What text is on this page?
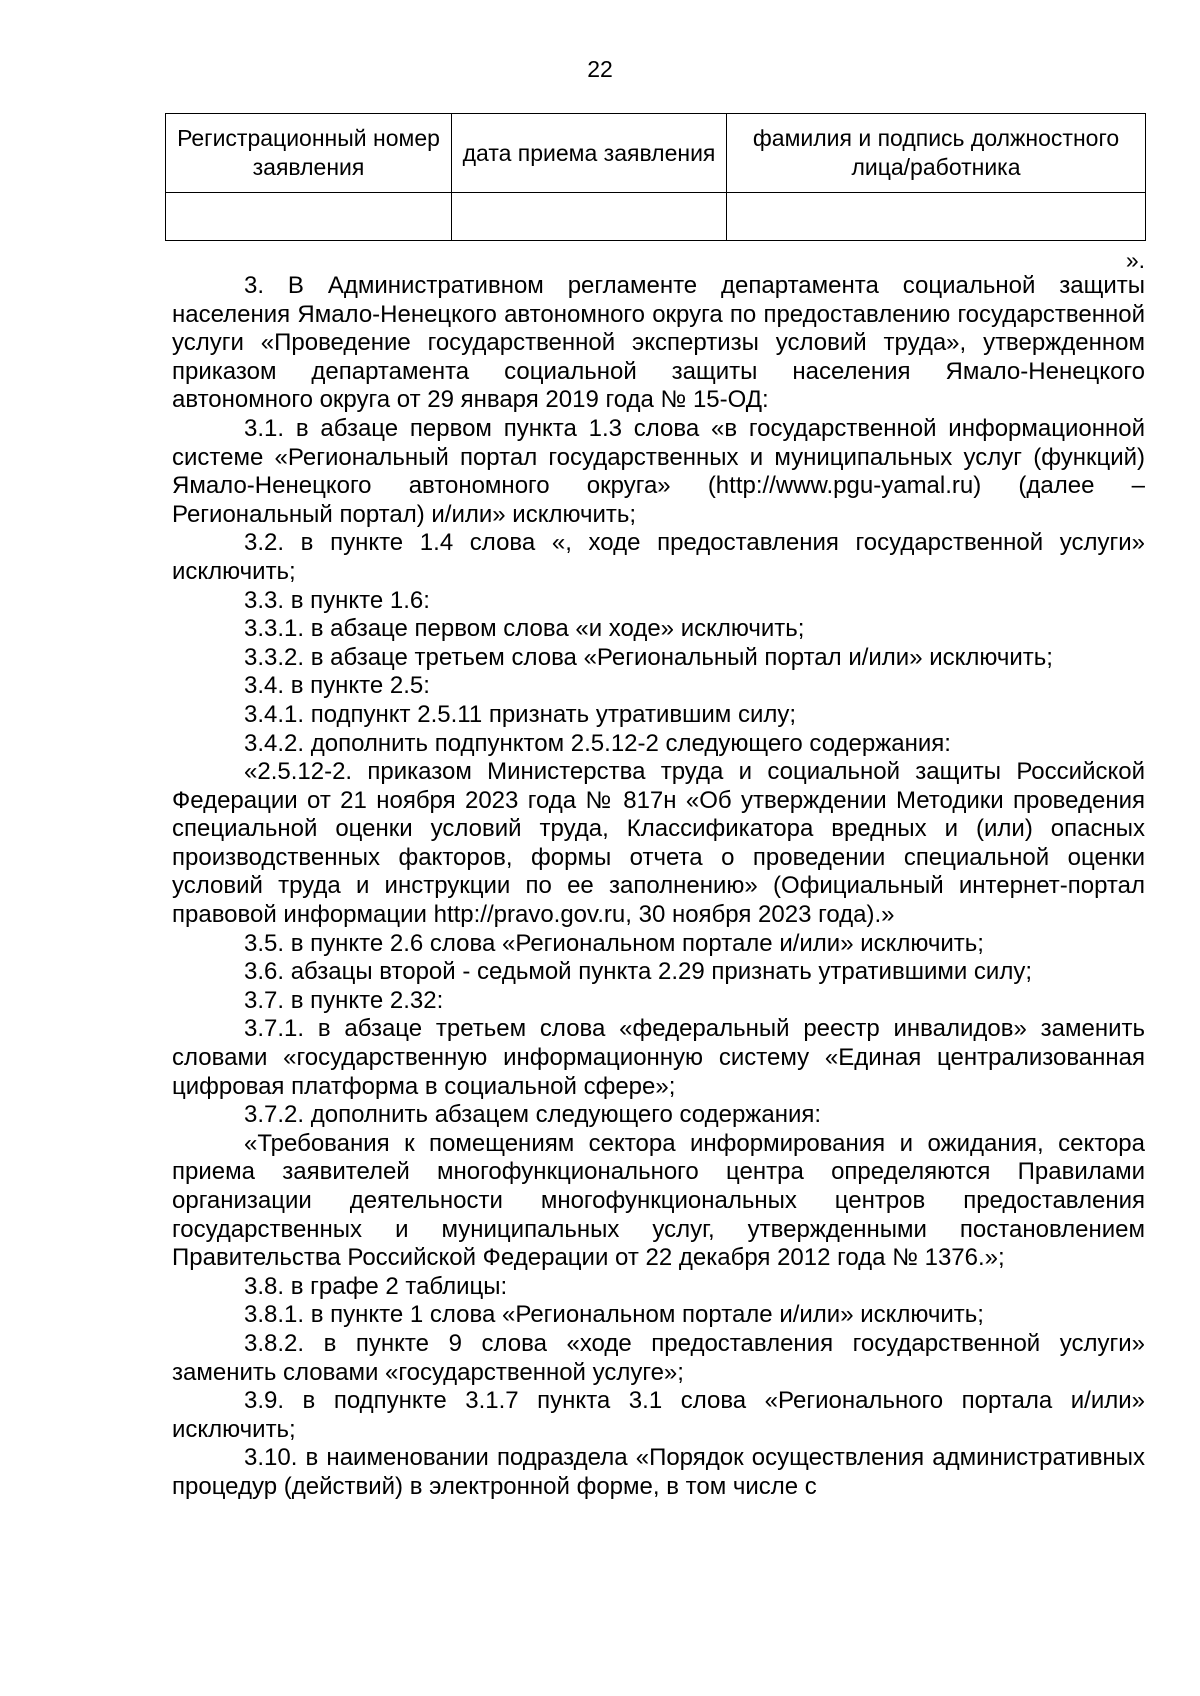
22
Регистрационный номер заявления	дата приема заявления	фамилия и подпись должностного лица/работника

».

3. В Административном регламенте департамента социальной защиты населения Ямало-Ненецкого автономного округа по предоставлению государственной услуги «Проведение государственной экспертизы условий труда», утвержденном приказом департамента социальной защиты населения Ямало-Ненецкого автономного округа от 29 января 2019 года № 15-ОД:

3.1. в абзаце первом пункта 1.3 слова «в государственной информационной системе «Региональный портал государственных и муниципальных услуг (функций) Ямало-Ненецкого автономного округа» (http://www.pgu-yamal.ru) (далее – Региональный портал) и/или» исключить;

3.2. в пункте 1.4 слова «, ходе предоставления государственной услуги» исключить;

3.3. в пункте 1.6:

3.3.1. в абзаце первом слова «и ходе» исключить;

3.3.2. в абзаце третьем слова «Региональный портал и/или» исключить;

3.4. в пункте 2.5:

3.4.1. подпункт 2.5.11 признать утратившим силу;

3.4.2. дополнить подпунктом 2.5.12-2 следующего содержания:

«2.5.12-2. приказом Министерства труда и социальной защиты Российской Федерации от 21 ноября 2023 года № 817н «Об утверждении Методики проведения специальной оценки условий труда, Классификатора вредных и (или) опасных производственных факторов, формы отчета о проведении специальной оценки условий труда и инструкции по ее заполнению» (Официальный интернет-портал правовой информации http://pravo.gov.ru, 30 ноября 2023 года).»

3.5. в пункте 2.6 слова «Региональном портале и/или» исключить;

3.6. абзацы второй - седьмой пункта 2.29 признать утратившими силу;

3.7. в пункте 2.32:

3.7.1. в абзаце третьем слова «федеральный реестр инвалидов» заменить словами «государственную информационную систему «Единая централизованная цифровая платформа в социальной сфере»;

3.7.2. дополнить абзацем следующего содержания:

«Требования к помещениям сектора информирования и ожидания, сектора приема заявителей многофункционального центра определяются Правилами организации деятельности многофункциональных центров предоставления государственных и муниципальных услуг, утвержденными постановлением Правительства Российской Федерации от 22 декабря 2012 года № 1376.»;

3.8. в графе 2 таблицы:

3.8.1. в пункте 1 слова «Региональном портале и/или» исключить;

3.8.2. в пункте 9 слова «ходе предоставления государственной услуги» заменить словами «государственной услуге»;

3.9. в подпункте 3.1.7 пункта 3.1 слова «Регионального портала и/или» исключить;

3.10. в наименовании подраздела «Порядок осуществления административных процедур (действий) в электронной форме, в том числе с
